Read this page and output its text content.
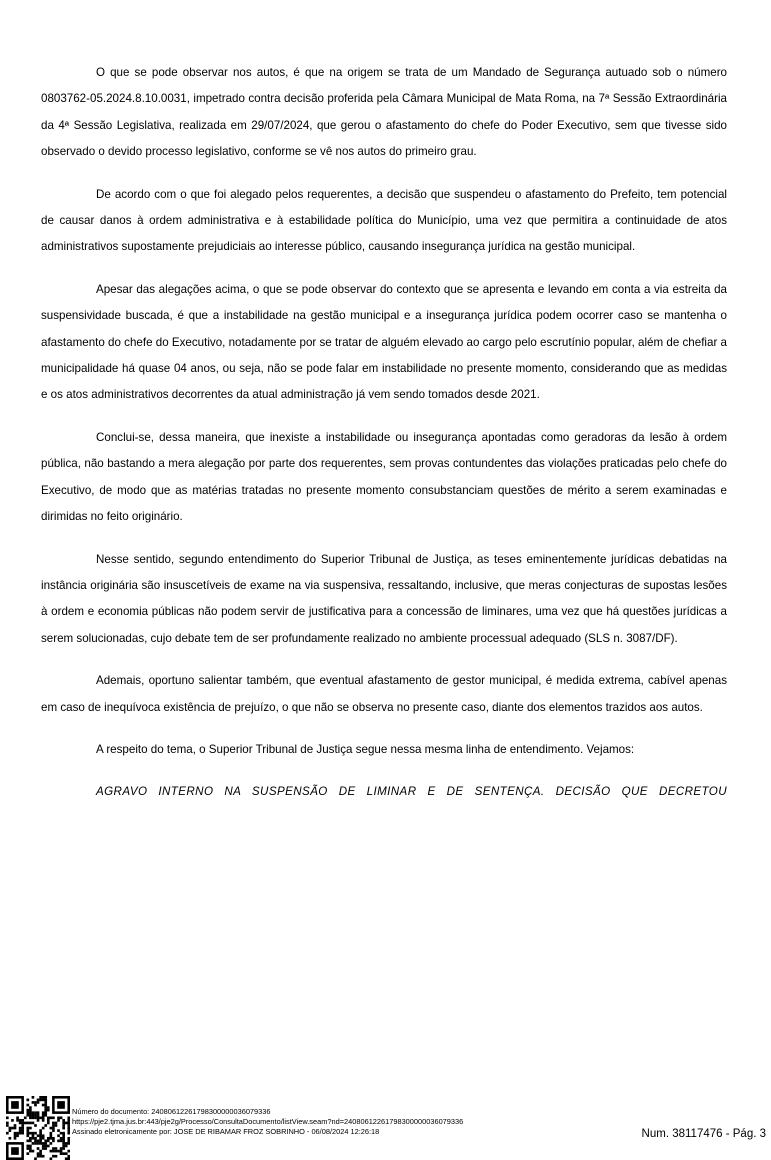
O que se pode observar nos autos, é que na origem se trata de um Mandado de Segurança autuado sob o número 0803762-05.2024.8.10.0031, impetrado contra decisão proferida pela Câmara Municipal de Mata Roma, na 7ª Sessão Extraordinária da 4ª Sessão Legislativa, realizada em 29/07/2024, que gerou o afastamento do chefe do Poder Executivo, sem que tivesse sido observado o devido processo legislativo, conforme se vê nos autos do primeiro grau.

De acordo com o que foi alegado pelos requerentes, a decisão que suspendeu o afastamento do Prefeito, tem potencial de causar danos à ordem administrativa e à estabilidade política do Município, uma vez que permitira a continuidade de atos administrativos supostamente prejudiciais ao interesse público, causando insegurança jurídica na gestão municipal.

Apesar das alegações acima, o que se pode observar do contexto que se apresenta e levando em conta a via estreita da suspensividade buscada, é que a instabilidade na gestão municipal e a insegurança jurídica podem ocorrer caso se mantenha o afastamento do chefe do Executivo, notadamente por se tratar de alguém elevado ao cargo pelo escrutínio popular, além de chefiar a municipalidade há quase 04 anos, ou seja, não se pode falar em instabilidade no presente momento, considerando que as medidas e os atos administrativos decorrentes da atual administração já vem sendo tomados desde 2021.

Conclui-se, dessa maneira, que inexiste a instabilidade ou insegurança apontadas como geradoras da lesão à ordem pública, não bastando a mera alegação por parte dos requerentes, sem provas contundentes das violações praticadas pelo chefe do Executivo, de modo que as matérias tratadas no presente momento consubstanciam questões de mérito a serem examinadas e dirimidas no feito originário.

Nesse sentido, segundo entendimento do Superior Tribunal de Justiça, as teses eminentemente jurídicas debatidas na instância originária são insuscetíveis de exame na via suspensiva, ressaltando, inclusive, que meras conjecturas de supostas lesões à ordem e economia públicas não podem servir de justificativa para a concessão de liminares, uma vez que há questões jurídicas a serem solucionadas, cujo debate tem de ser profundamente realizado no ambiente processual adequado (SLS n. 3087/DF).

Ademais, oportuno salientar também, que eventual afastamento de gestor municipal, é medida extrema, cabível apenas em caso de inequívoca existência de prejuízo, o que não se observa no presente caso, diante dos elementos trazidos aos autos.

A respeito do tema, o Superior Tribunal de Justiça segue nessa mesma linha de entendimento. Vejamos:

AGRAVO INTERNO NA SUSPENSÃO DE LIMINAR E DE SENTENÇA. DECISÃO QUE DECRETOU

Número do documento: 24080612261798300000036079336
https://pje2.tjma.jus.br:443/pje2g/Processo/ConsultaDocumento/listView.seam?nd=24080612261798300000036079336
Assinado eletronicamente por: JOSE DE RIBAMAR FROZ SOBRINHO - 06/08/2024 12:26:18	Num. 38117476 - Pág. 3
